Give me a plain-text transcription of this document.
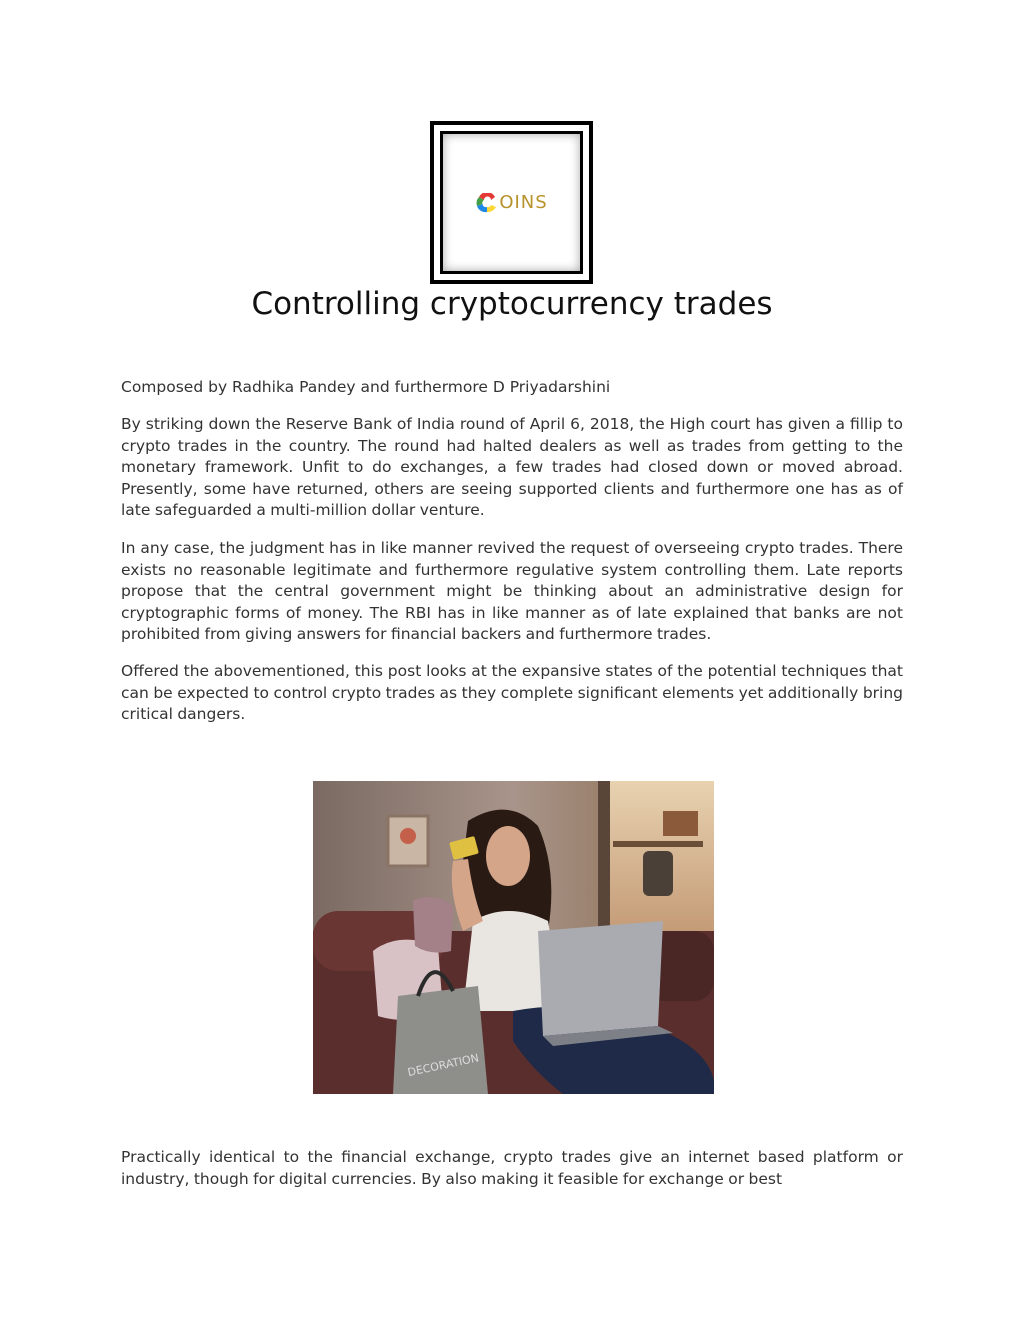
OINS
Controlling cryptocurrency trades

Composed by Radhika Pandey and furthermore D Priyadarshini

By striking down the Reserve Bank of India round of April 6, 2018, the High court has given a fillip to crypto trades in the country. The round had halted dealers as well as trades from getting to the monetary framework. Unfit to do exchanges, a few trades had closed down or moved abroad. Presently, some have returned, others are seeing supported clients and furthermore one has as of late safeguarded a multi-million dollar venture.

In any case, the judgment has in like manner revived the request of overseeing crypto trades. There exists no reasonable legitimate and furthermore regulative system controlling them. Late reports propose that the central government might be thinking about an administrative design for cryptographic forms of money. The RBI has in like manner as of late explained that banks are not prohibited from giving answers for financial backers and furthermore trades.

Offered the abovementioned, this post looks at the expansive states of the potential techniques that can be expected to control crypto trades as they complete significant elements yet additionally bring critical dangers.

DECORATION

Practically identical to the financial exchange, crypto trades give an internet based platform or industry, though for digital currencies. By also making it feasible for exchange or best
